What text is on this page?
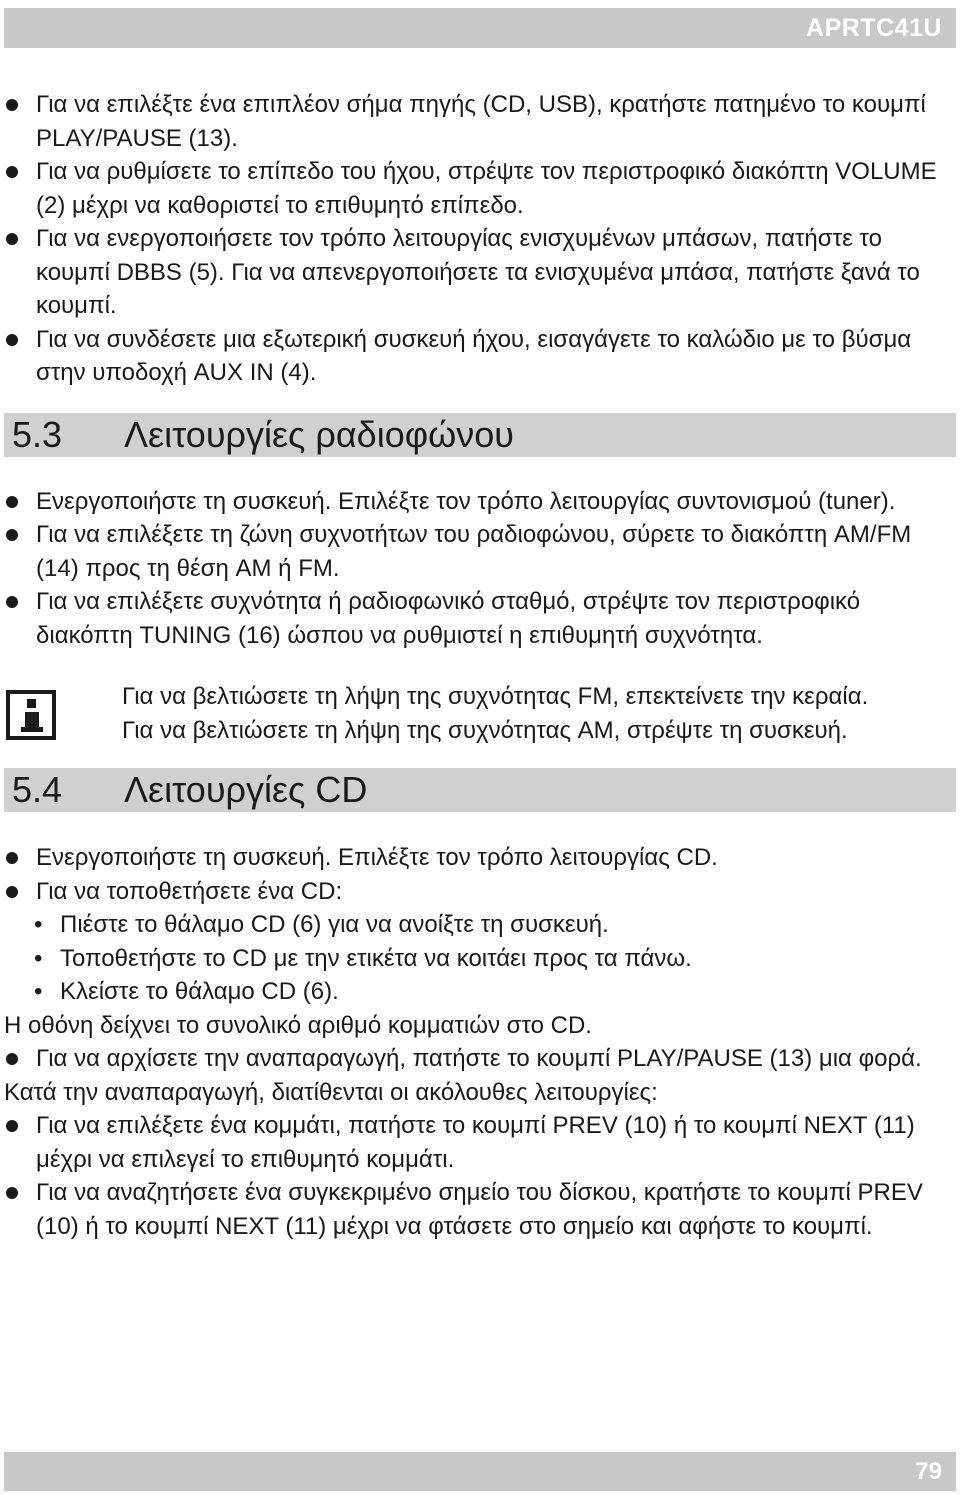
APRTC41U
Για να επιλέξτε ένα επιπλέον σήμα πηγής (CD, USB), κρατήστε πατημένο το κουμπί PLAY/PAUSE (13).
Για να ρυθμίσετε το επίπεδο του ήχου, στρέψτε τον περιστροφικό διακόπτη VOLUME (2) μέχρι να καθοριστεί το επιθυμητό επίπεδο.
Για να ενεργοποιήσετε τον τρόπο λειτουργίας ενισχυμένων μπάσων, πατήστε το κουμπί DBBS (5). Για να απενεργοποιήσετε τα ενισχυμένα μπάσα, πατήστε ξανά το κουμπί.
Για να συνδέσετε μια εξωτερική συσκευή ήχου, εισαγάγετε το καλώδιο με το βύσμα στην υποδοχή AUX IN (4).
5.3 Λειτουργίες ραδιοφώνου
Ενεργοποιήστε τη συσκευή. Επιλέξτε τον τρόπο λειτουργίας συντονισμού (tuner).
Για να επιλέξετε τη ζώνη συχνοτήτων του ραδιοφώνου, σύρετε το διακόπτη AM/FM (14) προς τη θέση AM ή FM.
Για να επιλέξετε συχνότητα ή ραδιοφωνικό σταθμό, στρέψτε τον περιστροφικό διακόπτη TUNING (16) ώσπου να ρυθμιστεί η επιθυμητή συχνότητα.
Για να βελτιώσετε τη λήψη της συχνότητας FM, επεκτείνετε την κεραία.
Για να βελτιώσετε τη λήψη της συχνότητας AM, στρέψτε τη συσκευή.
5.4 Λειτουργίες CD
Ενεργοποιήστε τη συσκευή. Επιλέξτε τον τρόπο λειτουργίας CD.
Για να τοποθετήσετε ένα CD:
• Πιέστε το θάλαμο CD (6) για να ανοίξτε τη συσκευή.
• Τοποθετήστε το CD με την ετικέτα να κοιτάει προς τα πάνω.
• Κλείστε το θάλαμο CD (6).
Η οθόνη δείχνει το συνολικό αριθμό κομματιών στο CD.
Για να αρχίσετε την αναπαραγωγή, πατήστε το κουμπί PLAY/PAUSE (13) μια φορά.
Κατά την αναπαραγωγή, διατίθενται οι ακόλουθες λειτουργίες:
Για να επιλέξετε ένα κομμάτι, πατήστε το κουμπί PREV (10) ή το κουμπί NEXT (11) μέχρι να επιλεγεί το επιθυμητό κομμάτι.
Για να αναζητήσετε ένα συγκεκριμένο σημείο του δίσκου, κρατήστε το κουμπί PREV (10) ή το κουμπί NEXT (11) μέχρι να φτάσετε στο σημείο και αφήστε το κουμπί.
79
